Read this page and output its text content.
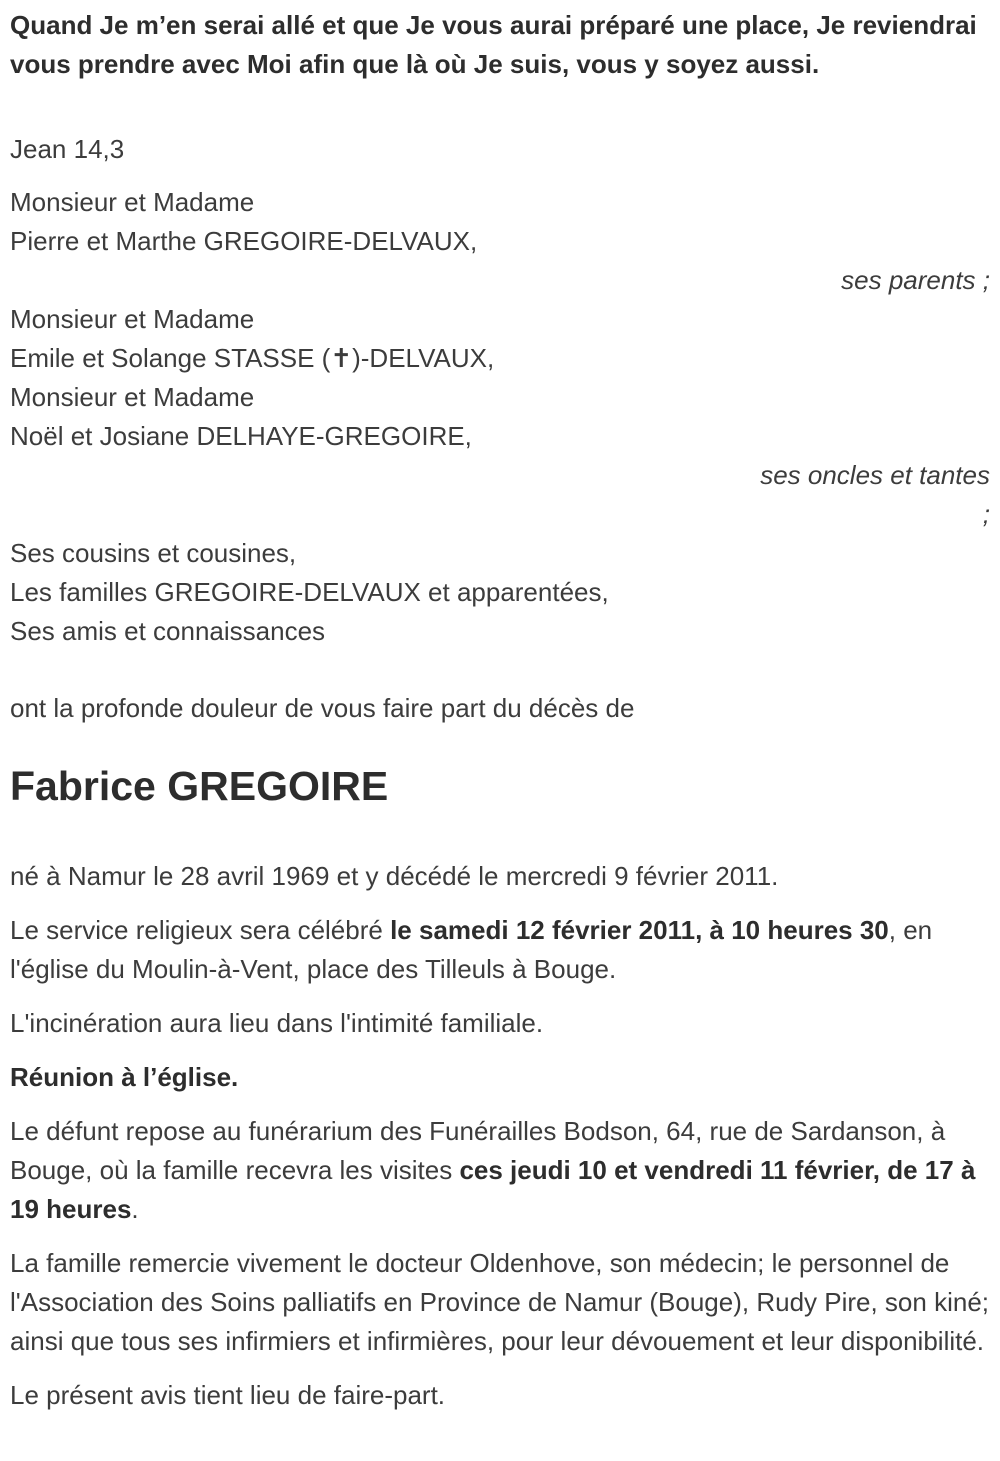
Quand Je m’en serai allé et que Je vous aurai préparé une place, Je reviendrai vous prendre avec Moi afin que là où Je suis, vous y soyez aussi.

Jean 14,3

Monsieur et Madame

Pierre et Marthe GREGOIRE-DELVAUX,

ses parents ;

Monsieur et Madame

Emile et Solange STASSE (✝)-DELVAUX,

Monsieur et Madame

Noël et Josiane DELHAYE-GREGOIRE,

ses oncles et tantes

;

Ses cousins et cousines,

Les familles GREGOIRE-DELVAUX et apparentées,

Ses amis et connaissances

ont la profonde douleur de vous faire part du décès de

Fabrice GREGOIRE

né à Namur le 28 avril 1969 et y décédé le mercredi 9 février 2011.

Le service religieux sera célébré le samedi 12 février 2011, à 10 heures 30, en l'église du Moulin-à-Vent, place des Tilleuls à Bouge.

L'incinération aura lieu dans l'intimité familiale.

Réunion à l’église.

Le défunt repose au funérarium des Funérailles Bodson, 64, rue de Sardanson, à Bouge, où la famille recevra les visites ces jeudi 10 et vendredi 11 février, de 17 à 19 heures.

La famille remercie vivement le docteur Oldenhove, son médecin; le personnel de l'Association des Soins palliatifs en Province de Namur (Bouge), Rudy Pire, son kiné; ainsi que tous ses infirmiers et infirmières, pour leur dévouement et leur disponibilité.

Le présent avis tient lieu de faire-part.
